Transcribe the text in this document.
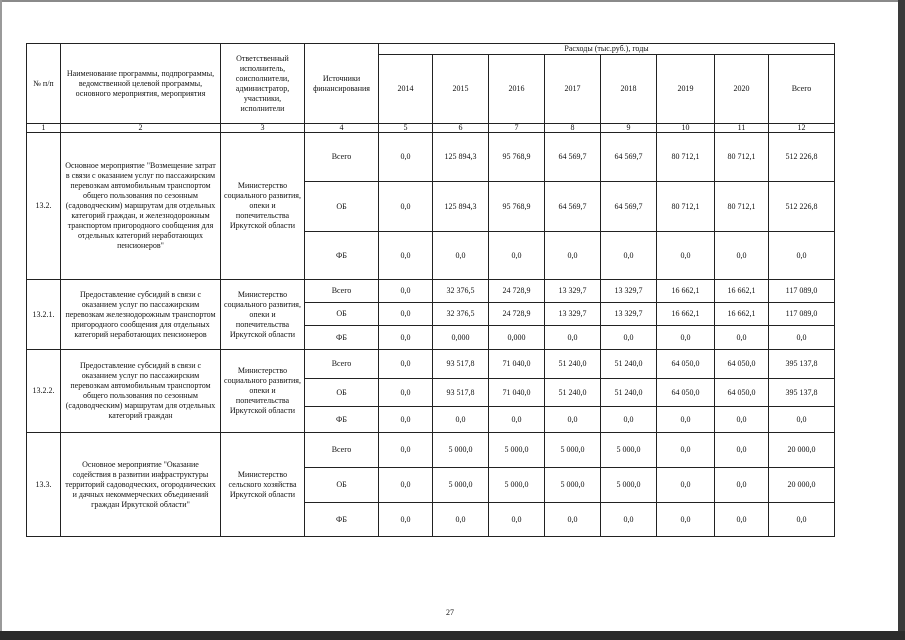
№ п/п	Наименование программы, подпрограммы, ведомственной целевой программы, основного мероприятия, мероприятия	Ответственный исполнитель, соисполнители, администратор, участники, исполнители	Источники финансирования	Расходы (тыс.руб.), годы							
				2014	2015	2016	2017	2018	2019	2020	Всего
1	2	3	4	5	6	7	8	9	10	11	12
13.2.	Основное мероприятие "Возмещение затрат в связи с оказанием услуг по пассажирским перевозкам автомобильным транспортом общего пользования по сезонным (садоводческим) маршрутам для отдельных категорий граждан, и железнодорожным транспортом пригородного сообщения для отдельных категорий неработающих пенсионеров"	Министерство социального развития, опеки и попечительства Иркутской области	Всего	0,0	125 894,3	95 768,9	64 569,7	64 569,7	80 712,1	80 712,1	512 226,8
			ОБ	0,0	125 894,3	95 768,9	64 569,7	64 569,7	80 712,1	80 712,1	512 226,8
			ФБ	0,0	0,0	0,0	0,0	0,0	0,0	0,0	0,0
13.2.1.	Предоставление субсидий в связи с оказанием услуг по пассажирским перевозкам железнодорожным транспортом пригородного сообщения для отдельных категорий неработающих пенсионеров	Министерство социального развития, опеки и попечительства Иркутской области	Всего	0,0	32 376,5	24 728,9	13 329,7	13 329,7	16 662,1	16 662,1	117 089,0
			ОБ	0,0	32 376,5	24 728,9	13 329,7	13 329,7	16 662,1	16 662,1	117 089,0
			ФБ	0,0	0,000	0,000	0,0	0,0	0,0	0,0	0,0
13.2.2.	Предоставление субсидий в связи с оказанием услуг по пассажирским перевозкам автомобильным транспортом общего пользования по сезонным (садоводческим) маршрутам для отдельных категорий граждан	Министерство социального развития, опеки и попечительства Иркутской области	Всего	0,0	93 517,8	71 040,0	51 240,0	51 240,0	64 050,0	64 050,0	395 137,8
			ОБ	0,0	93 517,8	71 040,0	51 240,0	51 240,0	64 050,0	64 050,0	395 137,8
			ФБ	0,0	0,0	0,0	0,0	0,0	0,0	0,0	0,0
13.3.	Основное мероприятие "Оказание содействия в развитии инфраструктуры территорий садоводческих, огороднических и дачных некоммерческих объединений граждан Иркутской области"	Министерство сельского хозяйства Иркутской области	Всего	0,0	5 000,0	5 000,0	5 000,0	5 000,0	0,0	0,0	20 000,0
			ОБ	0,0	5 000,0	5 000,0	5 000,0	5 000,0	0,0	0,0	20 000,0
			ФБ	0,0	0,0	0,0	0,0	0,0	0,0	0,0	0,0
27
